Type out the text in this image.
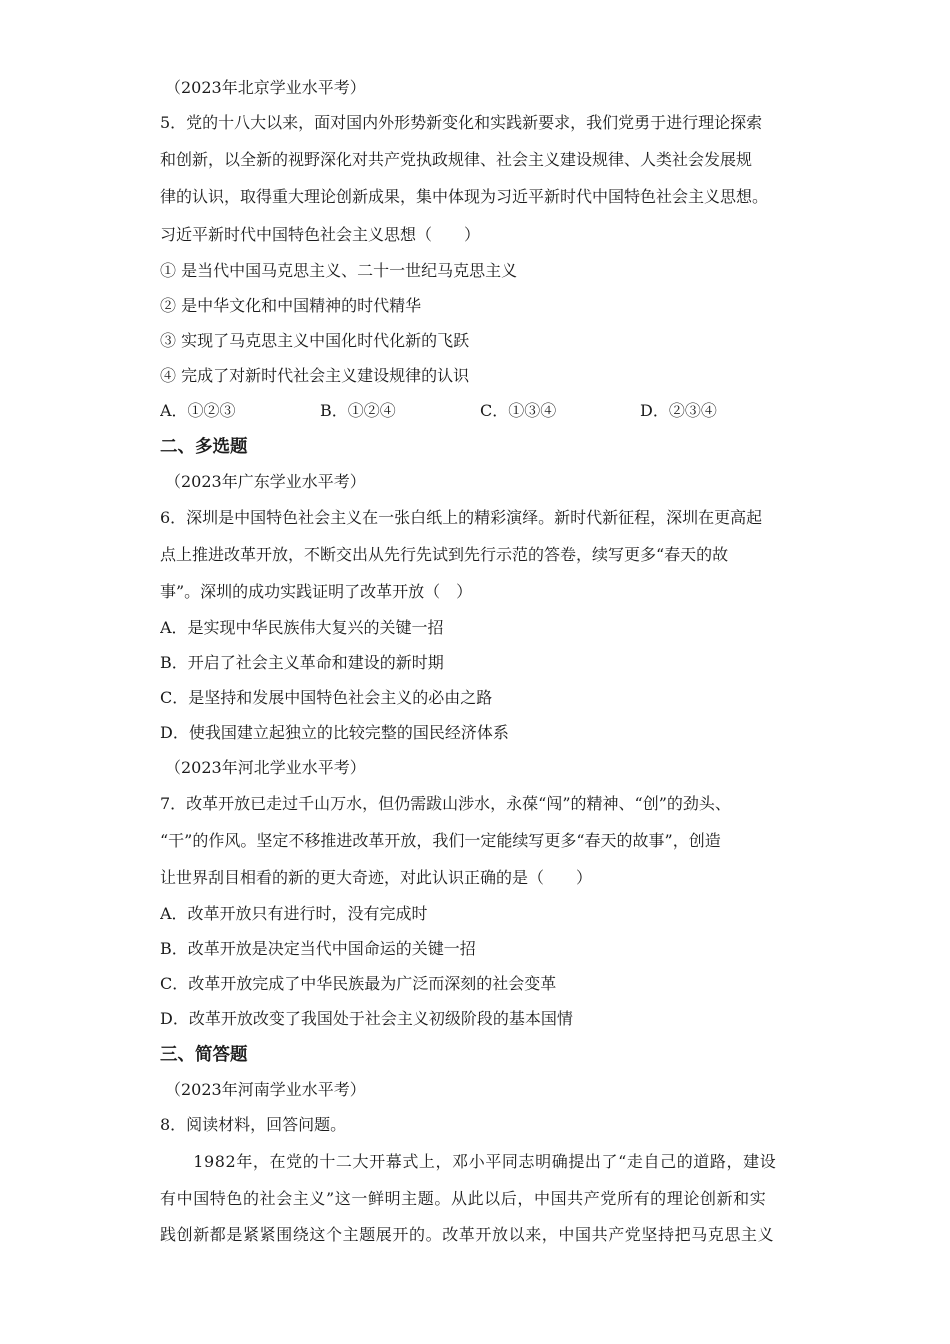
（2023年北京学业水平考）
5．党的十八大以来，面对国内外形势新变化和实践新要求，我们党勇于进行理论探索
和创新，以全新的视野深化对共产党执政规律、社会主义建设规律、人类社会发展规
律的认识，取得重大理论创新成果，集中体现为习近平新时代中国特色社会主义思想。
习近平新时代中国特色社会主义思想（　　）
① 是当代中国马克思主义、二十一世纪马克思主义
② 是中华文化和中国精神的时代精华
③ 实现了马克思主义中国化时代化新的飞跃
④ 完成了对新时代社会主义建设规律的认识
A．①②③	B．①②④	C．①③④	D．②③④
二、多选题
（2023年广东学业水平考）
6．深圳是中国特色社会主义在一张白纸上的精彩演绎。新时代新征程，深圳在更高起
点上推进改革开放，不断交出从先行先试到先行示范的答卷，续写更多“春天的故
事”。深圳的成功实践证明了改革开放（　）
A．是实现中华民族伟大复兴的关键一招
B．开启了社会主义革命和建设的新时期
C．是坚持和发展中国特色社会主义的必由之路
D．使我国建立起独立的比较完整的国民经济体系
（2023年河北学业水平考）
7．改革开放已走过千山万水，但仍需跋山涉水，永葆“闯”的精神、“创”的劲头、
“干”的作风。坚定不移推进改革开放，我们一定能续写更多“春天的故事”，创造
让世界刮目相看的新的更大奇迹，对此认识正确的是（　　）
A．改革开放只有进行时，没有完成时
B．改革开放是决定当代中国命运的关键一招
C．改革开放完成了中华民族最为广泛而深刻的社会变革
D．改革开放改变了我国处于社会主义初级阶段的基本国情
三、简答题
（2023年河南学业水平考）
8．阅读材料，回答问题。
　　1982年，在党的十二大开幕式上，邓小平同志明确提出了“走自己的道路，建设
有中国特色的社会主义”这一鲜明主题。从此以后，中国共产党所有的理论创新和实
践创新都是紧紧围绕这个主题展开的。改革开放以来，中国共产党坚持把马克思主义
